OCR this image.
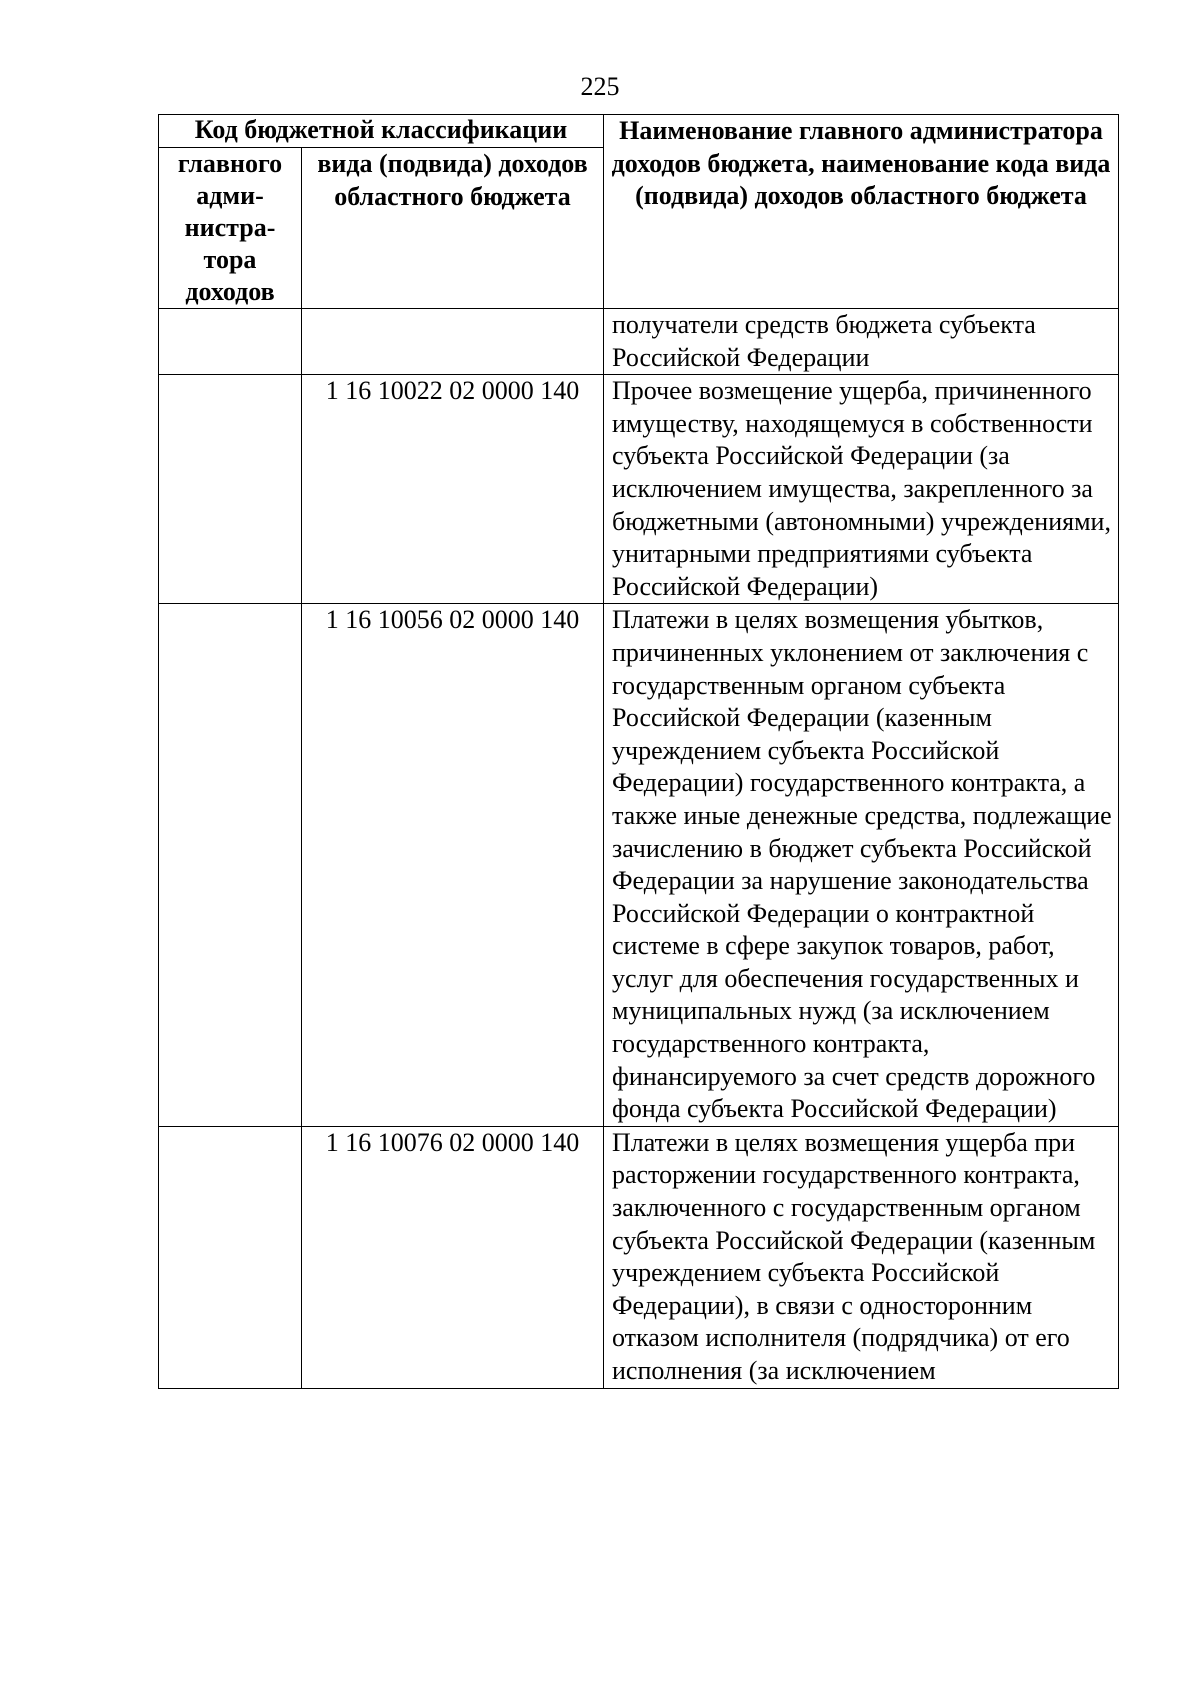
225
Код бюджетной классификации		Наименование главного администратора доходов бюджета, наименование кода вида (подвида) доходов областного бюджета
главного адми-нистра-тора доходов	вида (подвида) доходов областного бюджета	
		получатели средств бюджета субъекта Российской Федерации
	1 16 10022 02 0000 140	Прочее возмещение ущерба, причиненного имуществу, находящемуся в собственности субъекта Российской Федерации (за исключением имущества, закрепленного за бюджетными (автономными) учреждениями, унитарными предприятиями субъекта Российской Федерации)
	1 16 10056 02 0000 140	Платежи в целях возмещения убытков, причиненных уклонением от заключения с государственным органом субъекта Российской Федерации (казенным учреждением субъекта Российской Федерации) государственного контракта, а также иные денежные средства, подлежащие зачислению в бюджет субъекта Российской Федерации за нарушение законодательства Российской Федерации о контрактной системе в сфере закупок товаров, работ, услуг для обеспечения государственных и муниципальных нужд (за исключением государственного контракта, финансируемого за счет средств дорожного фонда субъекта Российской Федерации)
	1 16 10076 02 0000 140	Платежи в целях возмещения ущерба при расторжении государственного контракта, заключенного с государственным органом субъекта Российской Федерации (казенным учреждением субъекта Российской Федерации), в связи с односторонним отказом исполнителя (подрядчика) от его исполнения (за исключением
